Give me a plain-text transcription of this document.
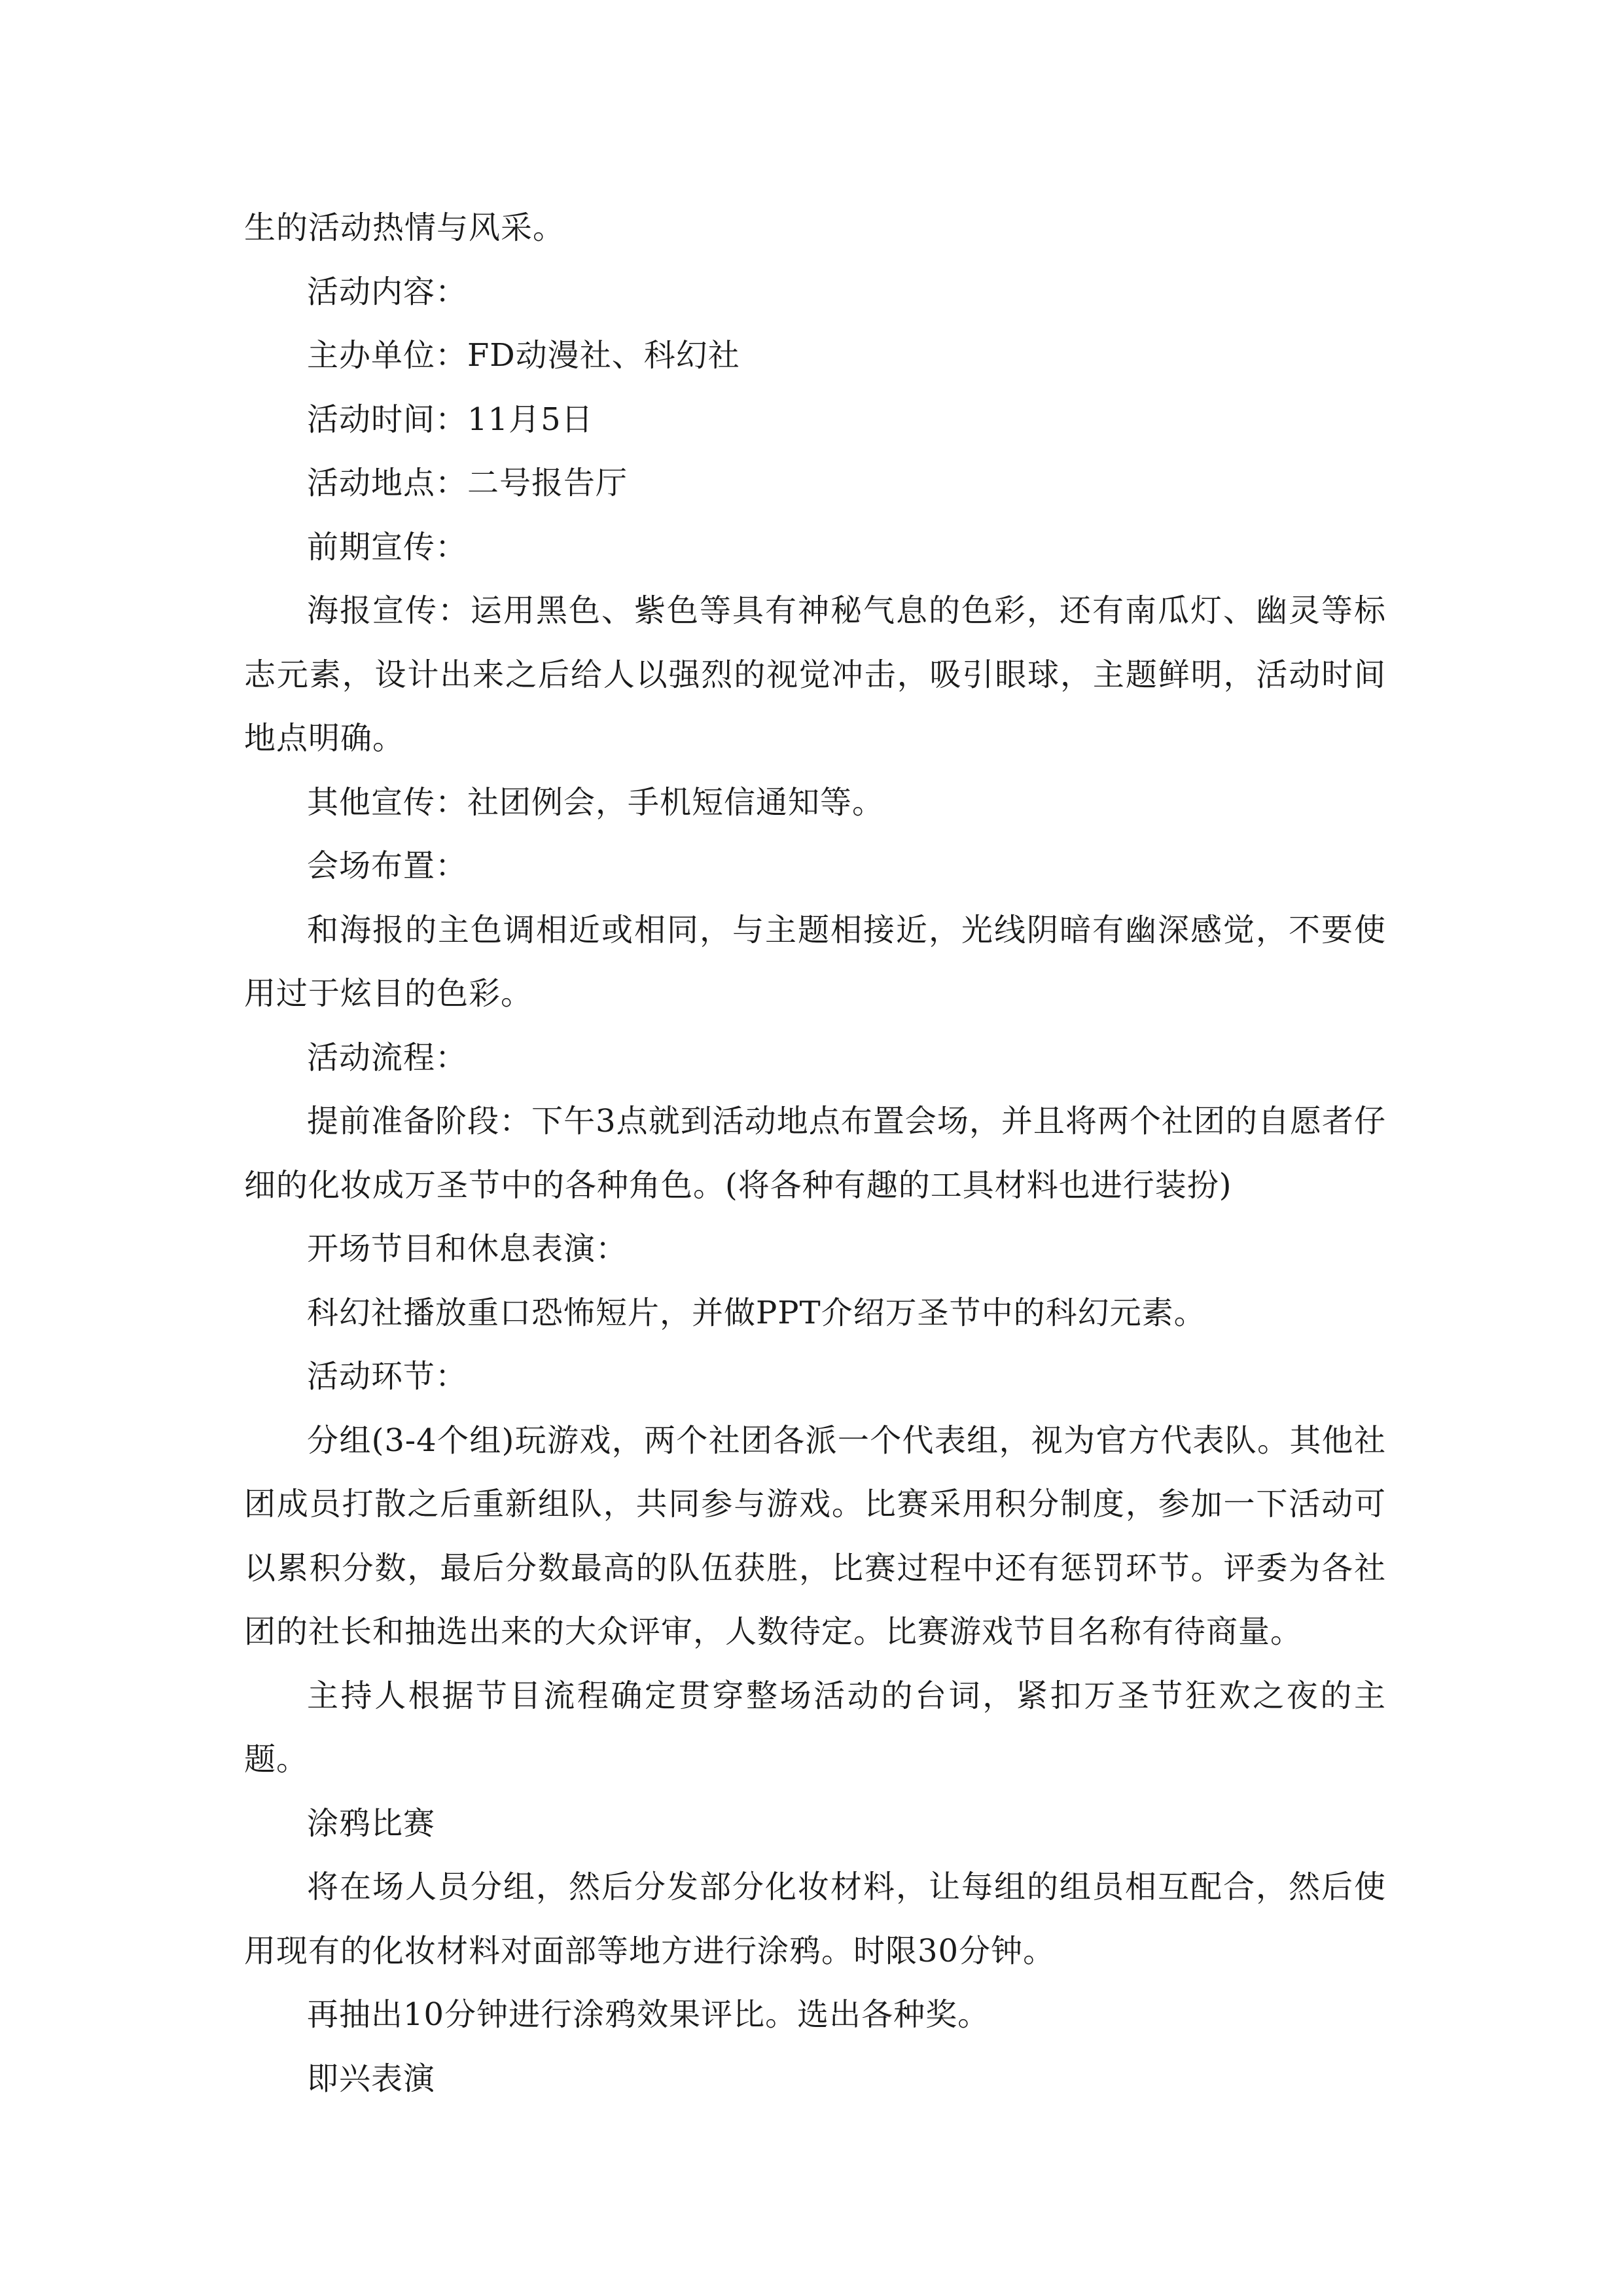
生的活动热情与风采。

活动内容：

主办单位：FD动漫社、科幻社

活动时间：11月5日

活动地点：二号报告厅

前期宣传：

海报宣传：运用黑色、紫色等具有神秘气息的色彩，还有南瓜灯、幽灵等标志元素，设计出来之后给人以强烈的视觉冲击，吸引眼球，主题鲜明，活动时间地点明确。

其他宣传：社团例会，手机短信通知等。

会场布置：

和海报的主色调相近或相同，与主题相接近，光线阴暗有幽深感觉，不要使用过于炫目的色彩。

活动流程：

提前准备阶段：下午3点就到活动地点布置会场，并且将两个社团的自愿者仔细的化妆成万圣节中的各种角色。(将各种有趣的工具材料也进行装扮)

开场节目和休息表演：

科幻社播放重口恐怖短片，并做PPT介绍万圣节中的科幻元素。

活动环节：

分组(3-4个组)玩游戏，两个社团各派一个代表组，视为官方代表队。其他社团成员打散之后重新组队，共同参与游戏。比赛采用积分制度，参加一下活动可以累积分数，最后分数最高的队伍获胜，比赛过程中还有惩罚环节。评委为各社团的社长和抽选出来的大众评审，人数待定。比赛游戏节目名称有待商量。

主持人根据节目流程确定贯穿整场活动的台词，紧扣万圣节狂欢之夜的主题。

涂鸦比赛

将在场人员分组，然后分发部分化妆材料，让每组的组员相互配合，然后使用现有的化妆材料对面部等地方进行涂鸦。时限30分钟。

再抽出10分钟进行涂鸦效果评比。选出各种奖。

即兴表演
